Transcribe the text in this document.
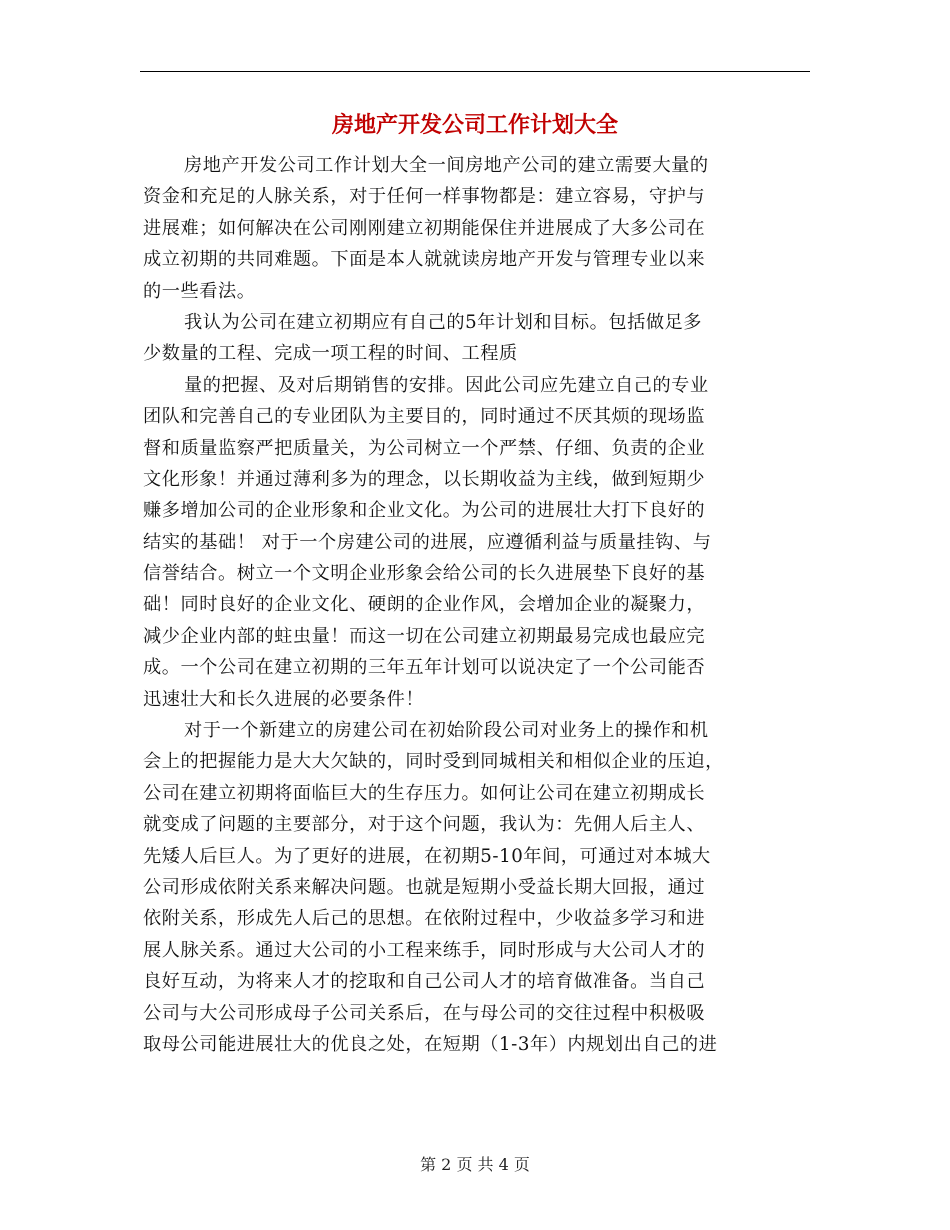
房地产开发公司工作计划大全
房地产开发公司工作计划大全一间房地产公司的建立需要大量的
资金和充足的人脉关系，对于任何一样事物都是：建立容易，守护与
进展难；如何解决在公司刚刚建立初期能保住并进展成了大多公司在
成立初期的共同难题。下面是本人就就读房地产开发与管理专业以来
的一些看法。
我认为公司在建立初期应有自己的5年计划和目标。包括做足多
少数量的工程、完成一项工程的时间、工程质
量的把握、及对后期销售的安排。因此公司应先建立自己的专业
团队和完善自己的专业团队为主要目的，同时通过不厌其烦的现场监
督和质量监察严把质量关，为公司树立一个严禁、仔细、负责的企业
文化形象！并通过薄利多为的理念，以长期收益为主线，做到短期少
赚多增加公司的企业形象和企业文化。为公司的进展壮大打下良好的
结实的基础！ 对于一个房建公司的进展，应遵循利益与质量挂钩、与
信誉结合。树立一个文明企业形象会给公司的长久进展垫下良好的基
础！同时良好的企业文化、硬朗的企业作风，会增加企业的凝聚力，
减少企业内部的蛀虫量！而这一切在公司建立初期最易完成也最应完
成。一个公司在建立初期的三年五年计划可以说决定了一个公司能否
迅速壮大和长久进展的必要条件！
对于一个新建立的房建公司在初始阶段公司对业务上的操作和机
会上的把握能力是大大欠缺的，同时受到同城相关和相似企业的压迫，
公司在建立初期将面临巨大的生存压力。如何让公司在建立初期成长
就变成了问题的主要部分，对于这个问题，我认为：先佣人后主人、
先矮人后巨人。为了更好的进展，在初期5-10年间，可通过对本城大
公司形成依附关系来解决问题。也就是短期小受益长期大回报，通过
依附关系，形成先人后己的思想。在依附过程中，少收益多学习和进
展人脉关系。通过大公司的小工程来练手，同时形成与大公司人才的
良好互动，为将来人才的挖取和自己公司人才的培育做准备。当自己
公司与大公司形成母子公司关系后，在与母公司的交往过程中积极吸
取母公司能进展壮大的优良之处，在短期（1-3年）内规划出自己的进
第 2 页 共 4 页
